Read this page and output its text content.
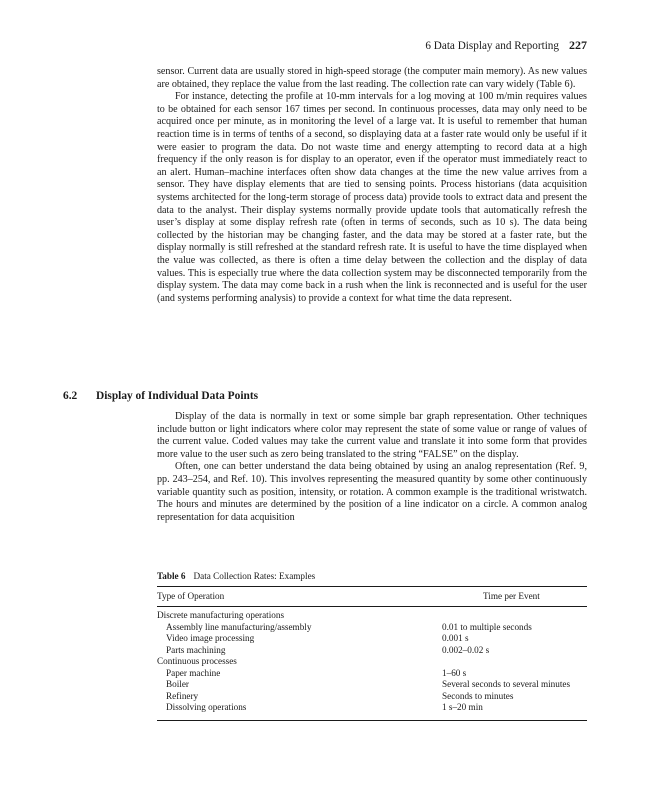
6 Data Display and Reporting 227

sensor. Current data are usually stored in high-speed storage (the computer main memory). As new values are obtained, they replace the value from the last reading. The collection rate can vary widely (Table 6).

For instance, detecting the profile at 10-mm intervals for a log moving at 100 m/min requires values to be obtained for each sensor 167 times per second. In continuous processes, data may only need to be acquired once per minute, as in monitoring the level of a large vat. It is useful to remember that human reaction time is in terms of tenths of a second, so displaying data at a faster rate would only be useful if it were easier to program the data. Do not waste time and energy attempting to record data at a high frequency if the only reason is for display to an operator, even if the operator must immediately react to an alert. Human–machine interfaces often show data changes at the time the new value arrives from a sensor. They have display elements that are tied to sensing points. Process historians (data acquisition systems architected for the long-term storage of process data) provide tools to extract data and present the data to the analyst. Their display systems normally provide update tools that automatically refresh the user’s display at some display refresh rate (often in terms of seconds, such as 10 s). The data being collected by the historian may be changing faster, and the data may be stored at a faster rate, but the display normally is still refreshed at the standard refresh rate. It is useful to have the time displayed when the value was collected, as there is often a time delay between the collection and the display of data values. This is especially true where the data collection system may be disconnected temporarily from the display system. The data may come back in a rush when the link is reconnected and is useful for the user (and systems performing analysis) to provide a context for what time the data represent.

6.2 Display of Individual Data Points

Display of the data is normally in text or some simple bar graph representation. Other techniques include button or light indicators where color may represent the state of some value or range of values of the current value. Coded values may take the current value and translate it into some form that provides more value to the user such as zero being translated to the string “FALSE” on the display.

Often, one can better understand the data being obtained by using an analog representation (Ref. 9, pp. 243–254, and Ref. 10). This involves representing the measured quantity by some other continuously variable quantity such as position, intensity, or rotation. A common example is the traditional wristwatch. The hours and minutes are determined by the position of a line indicator on a circle. A common analog representation for data acquisition

Table 6 Data Collection Rates: Examples
Type of Operation	Time per Event
Discrete manufacturing operations
Assembly line manufacturing/assembly	0.01 to multiple seconds
Video image processing	0.001 s
Parts machining	0.002–0.02 s
Continuous processes
Paper machine	1–60 s
Boiler	Several seconds to several minutes
Refinery	Seconds to minutes
Dissolving operations	1 s–20 min
